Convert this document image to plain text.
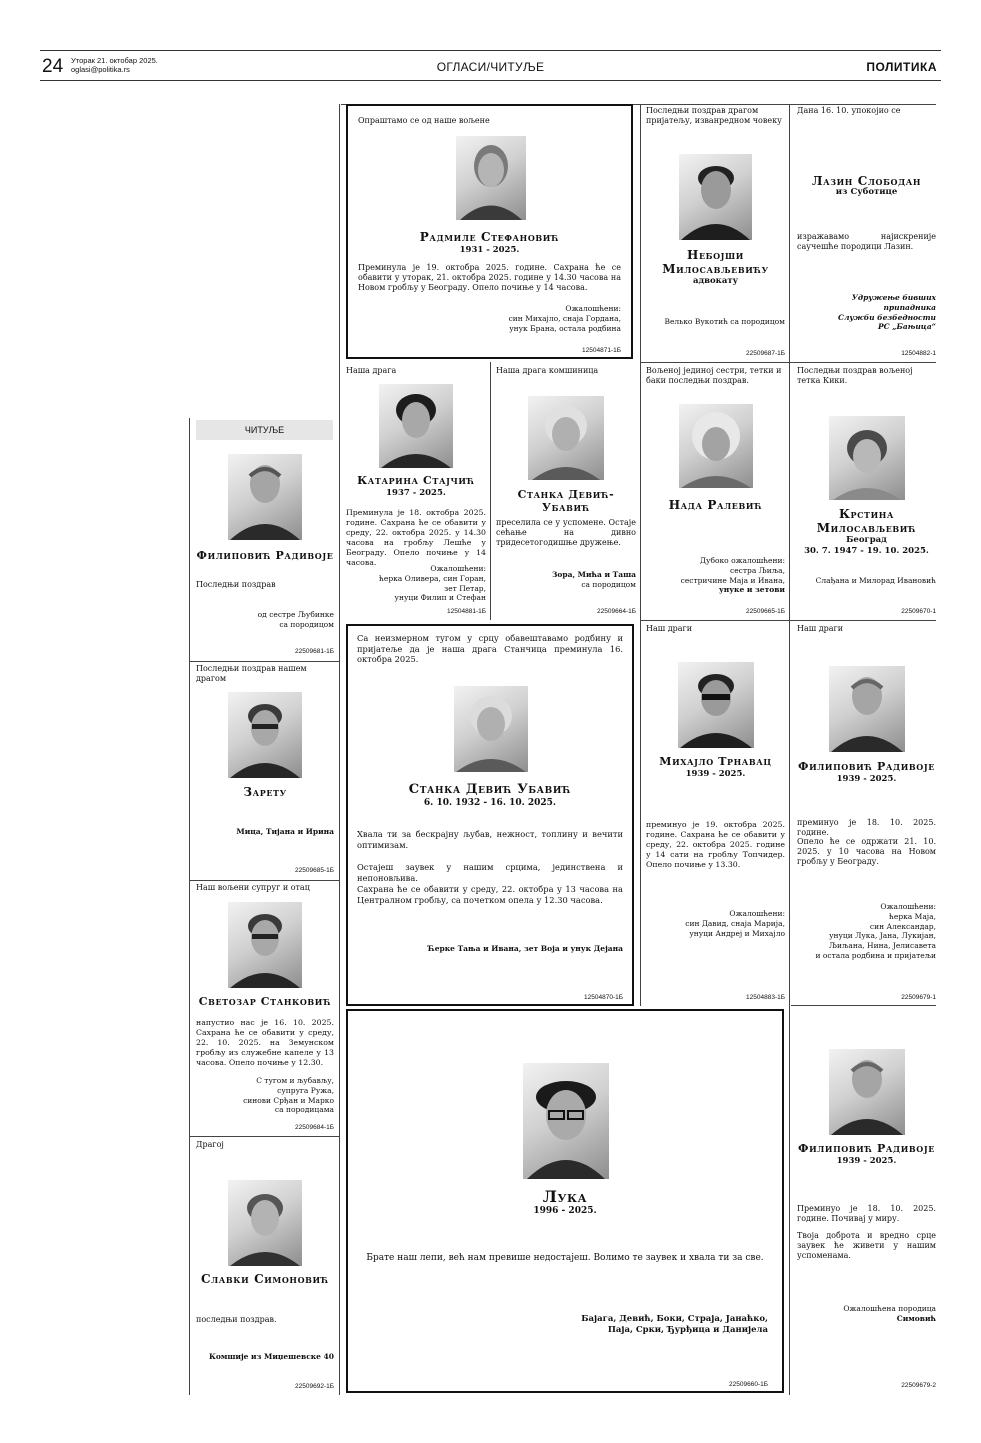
24 Уторак 21. октобар 2025.
oglasi@politika.rs	ОГЛАСИ/ЧИТУЉЕ	ПОЛИТИКА
ЧИТУЉЕ
Опраштамо се од наше вољене
Радмиле Стефановић
1931 - 2025.
Преминула је 19. октобра 2025. године. Сахрана ће се обавити у уторак, 21. октобра 2025. године у 14.30 часова на Новом гробљу у Београду. Опело почиње у 14 часова.
Ожалошћени:
син Михајло, снаја Гордана,
унук Бранa, остала родбина
12504871-1Б
Последњи поздрав драгом пријатељу, изванредном човеку
Небојши
Милосављевићу
адвокату
Велько Вукотић са породицом
22509687-1Б
Дана 16. 10. упокојио се
Лазин Слободан
из Суботице
изражавамо најискреније саучешће породици Лазин.
Удружење бивших
припадника
Служби безбедности
РС „Бањица“
12504882-1
Наша драга
Катарина Стајчић
1937 - 2025.
Преминула је 18. октобра 2025. године. Сахрана ће се обавити у среду, 22. октобра 2025. у 14.30 часова на гробљу Лешће у Београду. Опело почиње у 14 часова.
Ожалошћени:
ћерка Оливера, син Горан,
зет Петар,
унуци Филип и Стефан
12504881-1Б
Наша драга комшиница
Станка Девић-Убавић
преселила се у успомене. Остаје сећање на дивно тридесетогодишње дружење.
Зора, Мића и Таша
са породицом
22509664-1Б
Вољеној јединој сестри, тетки и баки последњи поздрав.
Нада Ралевић
Дубоко ожалошћени:
сестра Љиља,
сестричине Маја и Ивана,
унуке и зетови
22509665-1Б
Последњи поздрав вољеној тетка Кики.
Крстина
Милосављевић
Београд
30. 7. 1947 - 19. 10. 2025.
Слађана и Милорад Ивановић
22509670-1
Филиповић Радивоје
Последњи поздрав
од сестре Љубинке
са породицом
22509681-1Б
Последњи поздрав нашем драгом
Зарету
Мица, Тијана и Ирина
22509685-1Б
Наш вољени супруг и отац
Светозар Станковић
напустио нас је 16. 10. 2025. Сахрана ће се обавити у среду, 22. 10. 2025. на Земунском гробљу из служебне капеле у 13 часова. Опело почиње у 12.30.
С тугом и љубављу,
супруга Ружа,
синови Срђан и Марко
са породицама
22509684-1Б
Драгој
Славки Симоновић
последњи поздрав.
Комшије из Миџешевске 40
22509692-1Б
Са неизмерном тугом у срцу обавештавамо родбину и пријатеље да је наша драга Станчица преминула 16. октобра 2025.
Станка Девић Убавић
6. 10. 1932 - 16. 10. 2025.
Хвала ти за бескрајну љубав, нежност, топлину и вечити оптимизам.
Остајеш заувек у нашим срцима, јединствена и непоновљива.
Сахрана ће се обавити у среду, 22. октобра у 13 часова на Централном гробљу, са почетком опела у 12.30 часова.
Ћерке Тања и Ивана, зет Воја и унук Дејана
12504870-1Б
Наш драги
Михајло Трнавац
1939 - 2025.
преминуо је 19. октобра 2025. године. Сахрана ће се обавити у среду, 22. октобра 2025. године у 14 сати на гробљу Топчидер. Опело почиње у 13.30.
Ожалошћени:
син Давид, снаја Марија,
унуци Андреј и Михајло
12504883-1Б
Наш драги
Филиповић Радивоје
1939 - 2025.
преминуо је 18. 10. 2025. године.
Опело ће се одржати 21. 10. 2025. у 10 часова на Новом гробљу у Београду.
Ожалошћени:
ћерка Маја,
син Александар,
унуци Лука, Јана, Лукијан,
Љиљана, Нина, Јелисавета
и остала родбина и пријатељи
22509679-1
Лука
1996 - 2025.
Брате наш лепи, већ нам превише недостајеш. Волимо те заувек и хвала ти за све.
Бајага, Девић, Боки, Страја, Јанаћко,
Паја, Срки, Ђурђица и Данијела
22509660-1Б
Филиповић Радивоје
1939 - 2025.
Преминуо је 18. 10. 2025. године. Почивај у миру.
Твоја доброта и вредно срце заувек ће живети у нашим успоменама.
Ожалошћена породица
Симовић
22509679-2
